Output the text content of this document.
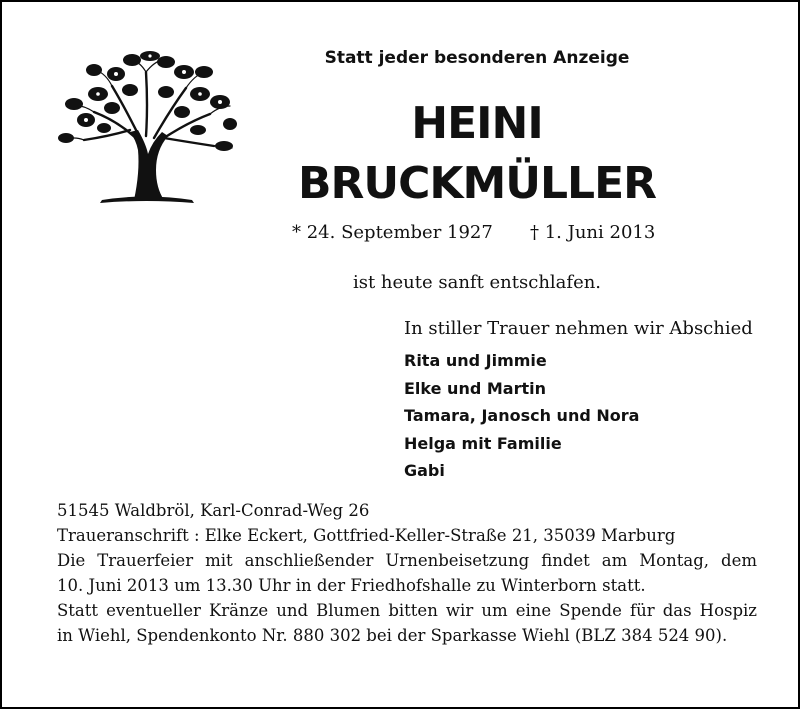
Statt jeder besonderen Anzeige
HEINI
BRUCKMÜLLER
* 24. September 1927 † 1. Juni 2013
ist heute sanft entschlafen.
In stiller Trauer nehmen wir Abschied
Rita und Jimmie
Elke und Martin
Tamara, Janosch und Nora
Helga mit Familie
Gabi
51545 Waldbröl, Karl-Conrad-Weg 26
Traueranschrift : Elke Eckert, Gottfried-Keller-Straße 21, 35039 Marburg
Die Trauerfeier mit anschließender Urnenbeisetzung findet am Montag, dem
10. Juni 2013 um 13.30 Uhr in der Friedhofshalle zu Winterborn statt.
Statt eventueller Kränze und Blumen bitten wir um eine Spende für das Hospiz
in Wiehl, Spendenkonto Nr. 880 302 bei der Sparkasse Wiehl (BLZ 384 524 90).
